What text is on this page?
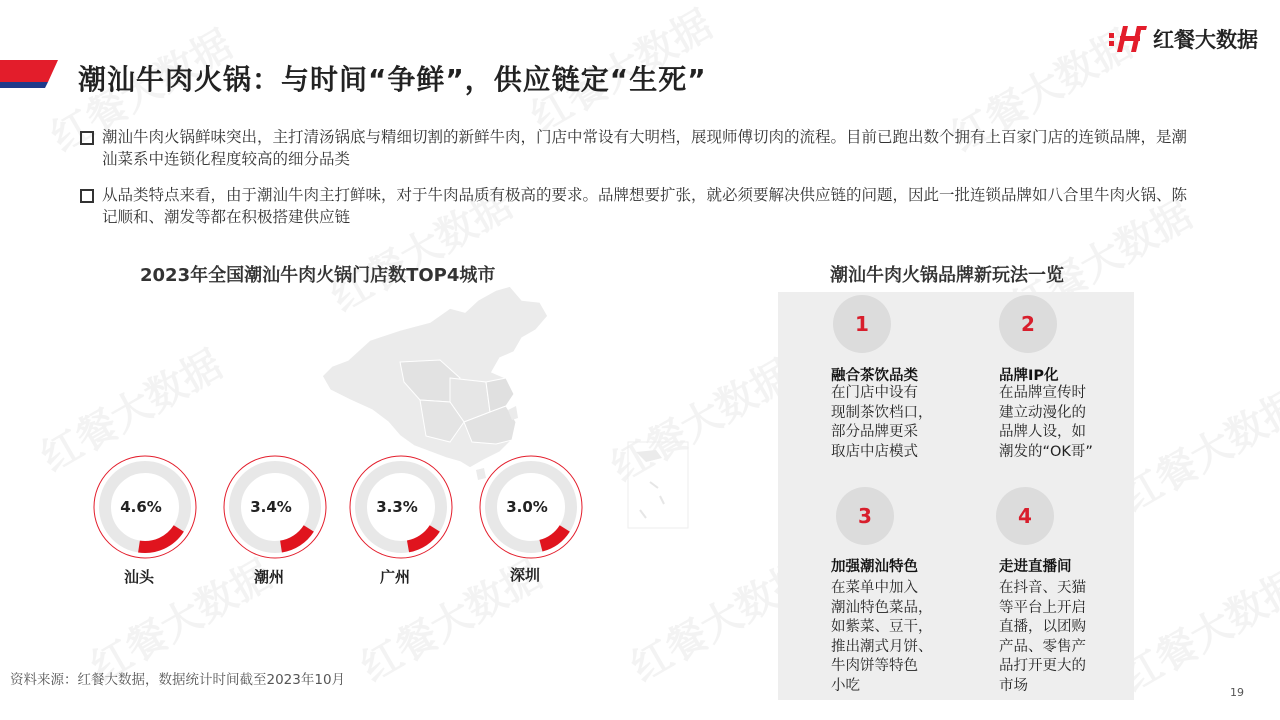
潮汕牛肉火锅：与时间“争鲜”，供应链定“生死”
红餐大数据
潮汕牛肉火锅鲜味突出，主打清汤锅底与精细切割的新鲜牛肉，门店中常设有大明档，展现师傅切肉的流程。目前已跑出数个拥有上百家门店的连锁品牌，是潮汕菜系中连锁化程度较高的细分品类
从品类特点来看，由于潮汕牛肉主打鲜味，对于牛肉品质有极高的要求。品牌想要扩张，就必须要解决供应链的问题，因此一批连锁品牌如八合里牛肉火锅、陈记顺和、潮发等都在积极搭建供应链
2023年全国潮汕牛肉火锅门店数TOP4城市
4.6%
汕头
3.4%
潮州
3.3%
广州
3.0%
深圳
资料来源：红餐大数据，数据统计时间截至2023年10月
潮汕牛肉火锅品牌新玩法一览
1
融合茶饮品类
在门店中设有
现制茶饮档口，
部分品牌更采
取店中店模式
2
品牌IP化
在品牌宣传时
建立动漫化的
品牌人设，如
潮发的“OK哥”
3
加强潮汕特色
在菜单中加入
潮汕特色菜品，
如紫菜、豆干，
推出潮式月饼、
牛肉饼等特色
小吃
4
走进直播间
在抖音、天猫
等平台上开启
直播，以团购
产品、零售产
品打开更大的
市场	19
